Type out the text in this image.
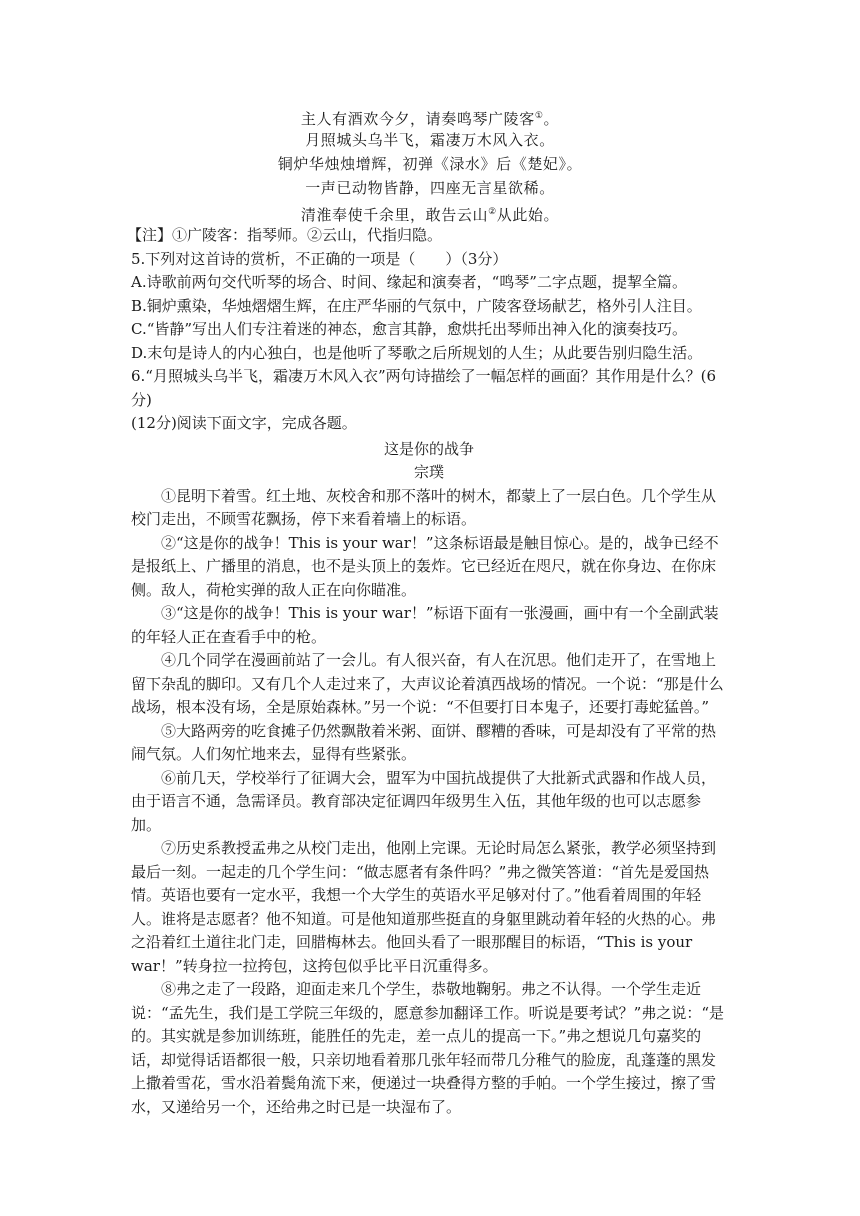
主人有酒欢今夕，请奏鸣琴广陵客①。
月照城头乌半飞，霜凄万木风入衣。
铜炉华烛烛增辉，初弹《渌水》后《楚妃》。
一声已动物皆静，四座无言星欲稀。
清淮奉使千余里，敢告云山②从此始。

【注】①广陵客：指琴师。②云山，代指归隐。

5.下列对这首诗的赏析，不正确的一项是（　　）（3分）

A.诗歌前两句交代听琴的场合、时间、缘起和演奏者，“鸣琴”二字点题，提挈全篇。

B.铜炉熏染，华烛熠熠生辉，在庄严华丽的气氛中，广陵客登场献艺，格外引人注目。

C.“皆静”写出人们专注着迷的神态，愈言其静，愈烘托出琴师出神入化的演奏技巧。

D.末句是诗人的内心独白，也是他听了琴歌之后所规划的人生；从此要告别归隐生活。

6.“月照城头乌半飞，霜凄万木风入衣”两句诗描绘了一幅怎样的画面？其作用是什么？(6分)

(12分)阅读下面文字，完成各题。

这是你的战争

宗璞

①昆明下着雪。红土地、灰校舍和那不落叶的树木，都蒙上了一层白色。几个学生从校门走出，不顾雪花飘扬，停下来看着墙上的标语。

②“这是你的战争！This is your war！”这条标语最是触目惊心。是的，战争已经不是报纸上、广播里的消息，也不是头顶上的轰炸。它已经近在咫尺，就在你身边、在你床侧。敌人，荷枪实弹的敌人正在向你瞄准。

③“这是你的战争！This is your war！”标语下面有一张漫画，画中有一个全副武装的年轻人正在查看手中的枪。

④几个同学在漫画前站了一会儿。有人很兴奋，有人在沉思。他们走开了，在雪地上留下杂乱的脚印。又有几个人走过来了，大声议论着滇西战场的情况。一个说：“那是什么战场，根本没有场，全是原始森林。”另一个说：“不但要打日本鬼子，还要打毒蛇猛兽。”

⑤大路两旁的吃食摊子仍然飘散着米粥、面饼、醪糟的香味，可是却没有了平常的热闹气氛。人们匆忙地来去，显得有些紧张。

⑥前几天，学校举行了征调大会，盟军为中国抗战提供了大批新式武器和作战人员，由于语言不通，急需译员。教育部决定征调四年级男生入伍，其他年级的也可以志愿参加。

⑦历史系教授孟弗之从校门走出，他刚上完课。无论时局怎么紧张，教学必须坚持到最后一刻。一起走的几个学生问：“做志愿者有条件吗？”弗之微笑答道：“首先是爱国热情。英语也要有一定水平，我想一个大学生的英语水平足够对付了。”他看着周围的年轻人。谁将是志愿者？他不知道。可是他知道那些挺直的身躯里跳动着年轻的火热的心。弗之沿着红土道往北门走，回腊梅林去。他回头看了一眼那醒目的标语，“This is your war！”转身拉一拉挎包，这挎包似乎比平日沉重得多。

⑧弗之走了一段路，迎面走来几个学生，恭敬地鞠躬。弗之不认得。一个学生走近说：“孟先生，我们是工学院三年级的，愿意参加翻译工作。听说是要考试？”弗之说：“是的。其实就是参加训练班，能胜任的先走，差一点儿的提高一下。”弗之想说几句嘉奖的话，却觉得话语都很一般，只亲切地看着那几张年轻而带几分稚气的脸庞，乱蓬蓬的黑发上撒着雪花，雪水沿着鬓角流下来，便递过一块叠得方整的手帕。一个学生接过，擦了雪水，又递给另一个，还给弗之时已是一块湿布了。
